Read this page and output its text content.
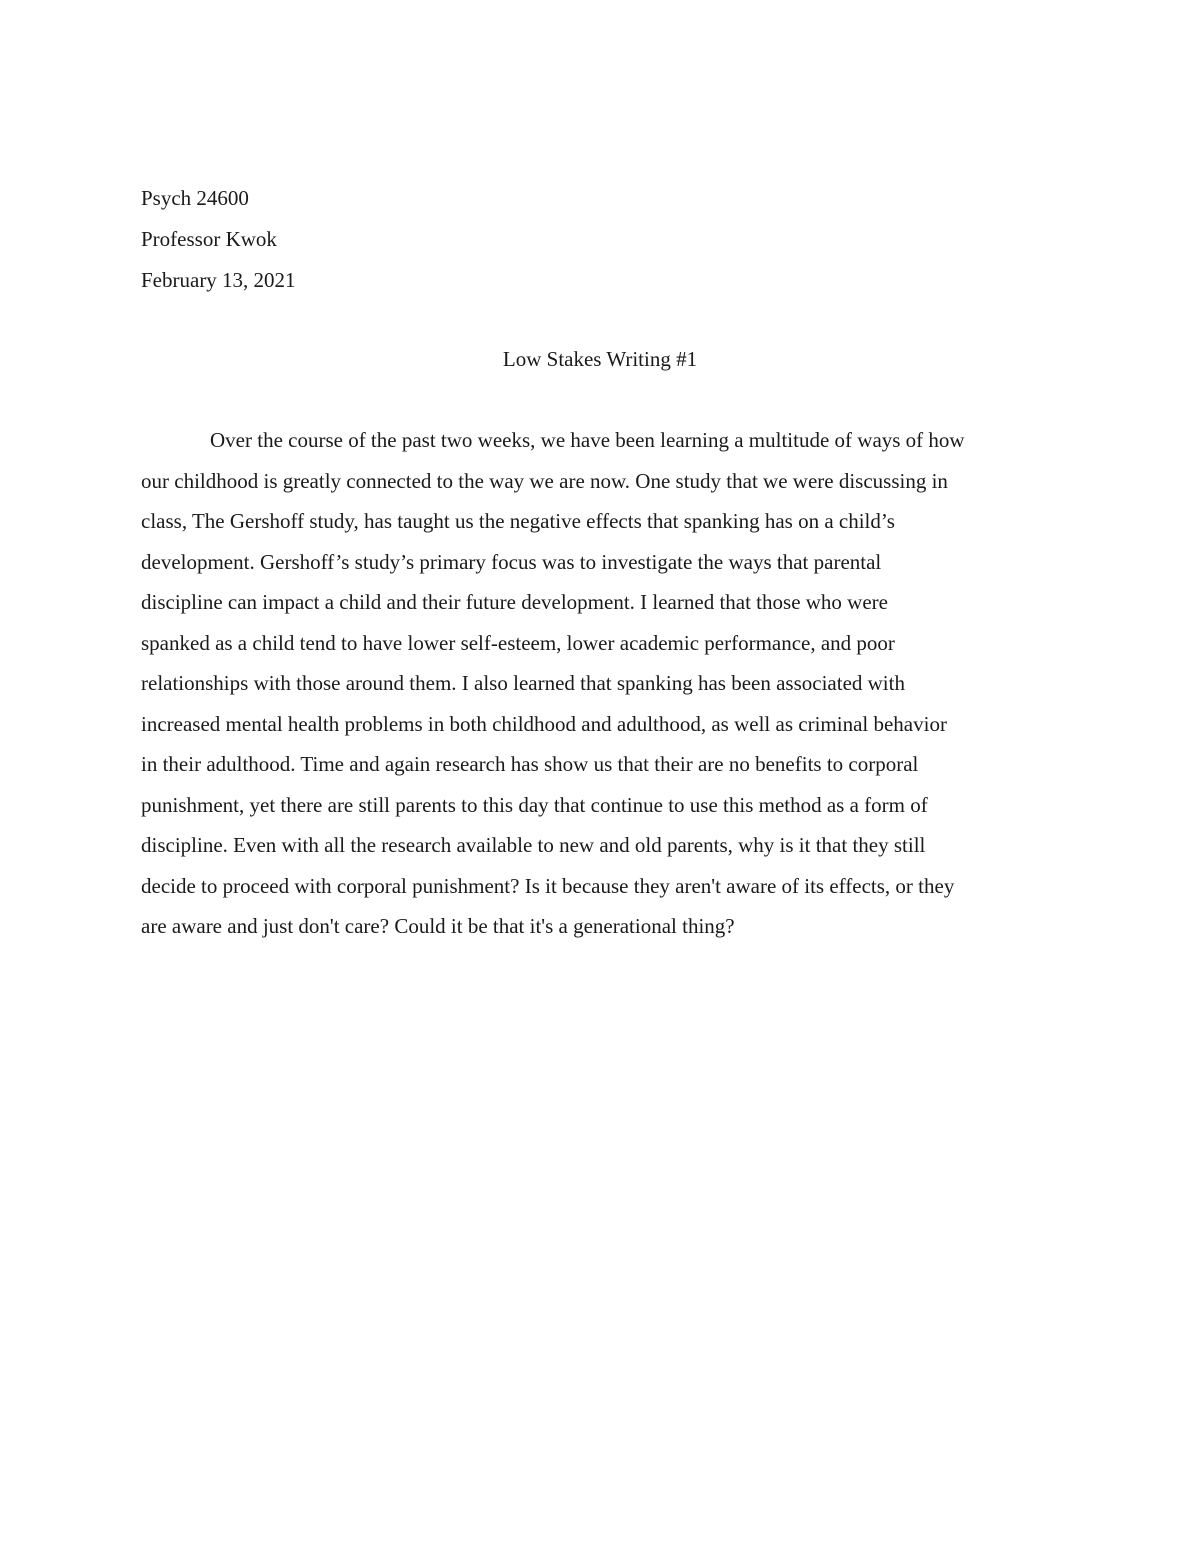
Psych 24600
Professor Kwok
February 13, 2021
Low Stakes Writing #1
Over the course of the past two weeks, we have been learning a multitude of ways of how
our childhood is greatly connected to the way we are now. One study that we were discussing in
class, The Gershoff study, has taught us the negative effects that spanking has on a child’s
development. Gershoff’s study’s primary focus was to investigate the ways that parental
discipline can impact a child and their future development. I learned that those who were
spanked as a child tend to have lower self-esteem, lower academic performance, and poor
relationships with those around them. I also learned that spanking has been associated with
increased mental health problems in both childhood and adulthood, as well as criminal behavior
in their adulthood. Time and again research has show us that their are no benefits to corporal
punishment, yet there are still parents to this day that continue to use this method as a form of
discipline. Even with all the research available to new and old parents, why is it that they still
decide to proceed with corporal punishment? Is it because they aren't aware of its effects, or they
are aware and just don't care? Could it be that it's a generational thing?
